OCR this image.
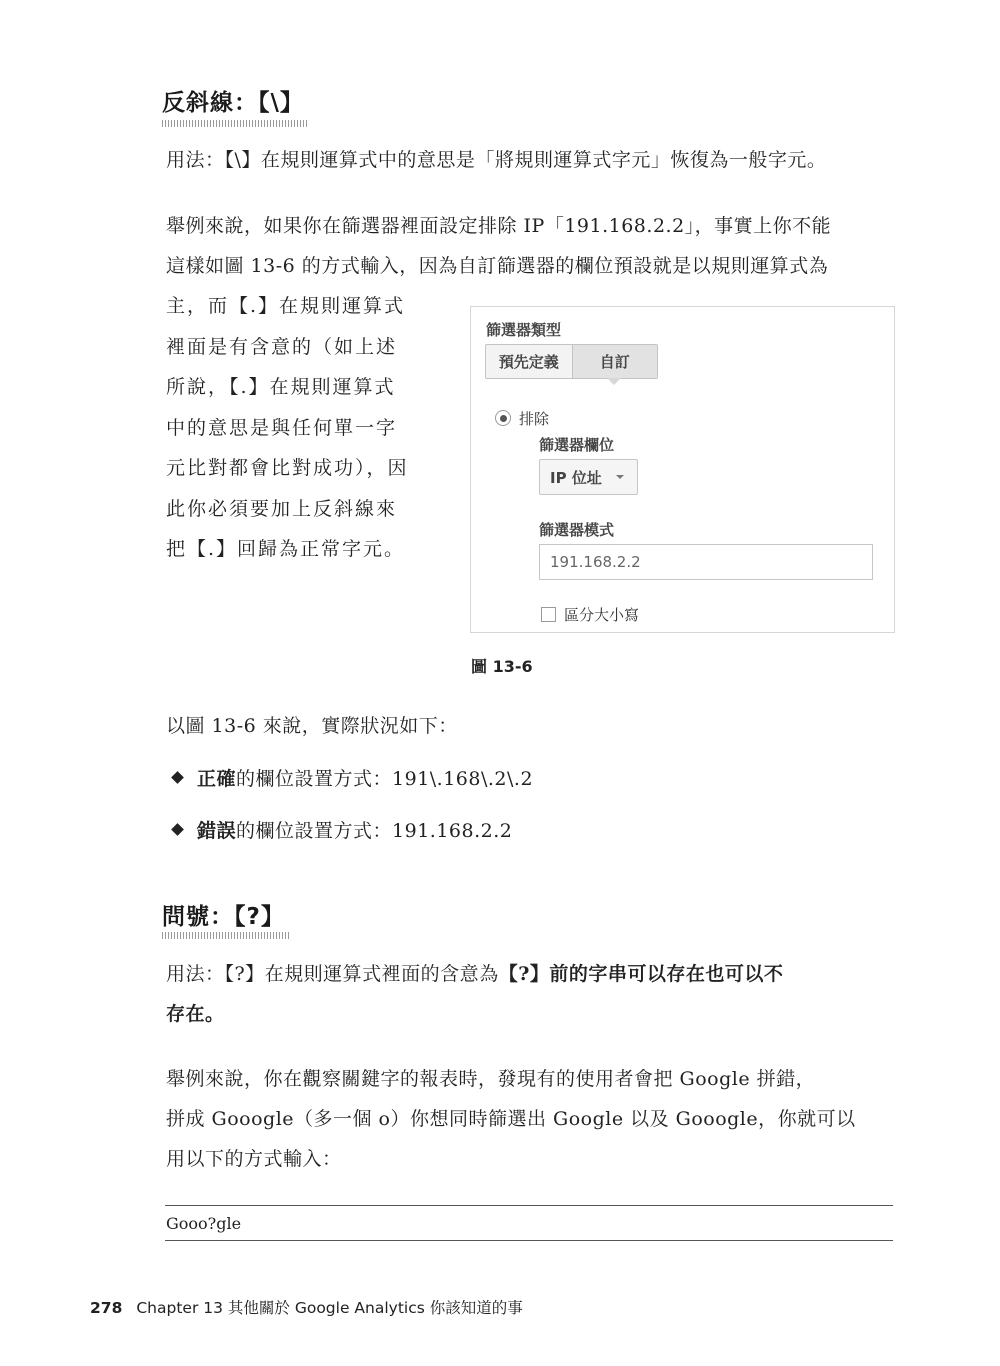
反斜線：【\】
用法：【\】在規則運算式中的意思是「將規則運算式字元」恢復為一般字元。
舉例來說，如果你在篩選器裡面設定排除 IP「191.168.2.2」，事實上你不能
這樣如圖 13-6 的方式輸入，因為自訂篩選器的欄位預設就是以規則運算式為
主，而【.】在規則運算式
裡面是有含意的（如上述
所說，【.】在規則運算式
中的意思是與任何單一字
元比對都會比對成功），因
此你必須要加上反斜線來
把【.】回歸為正常字元。
篩選器類型
預先定義	自訂
排除
篩選器欄位
IP 位址
篩選器模式
191.168.2.2
區分大小寫
圖 13-6
以圖 13-6 來說，實際狀況如下：
正確的欄位設置方式：191\.168\.2\.2
錯誤的欄位設置方式：191.168.2.2
問號：【?】
用法：【?】在規則運算式裡面的含意為【?】前的字串可以存在也可以不
存在。
舉例來說，你在觀察關鍵字的報表時，發現有的使用者會把 Google 拼錯，
拼成 Gooogle（多一個 o）你想同時篩選出 Google 以及 Gooogle，你就可以
用以下的方式輸入：
Gooo?gle
278 Chapter 13 其他關於 Google Analytics 你該知道的事
